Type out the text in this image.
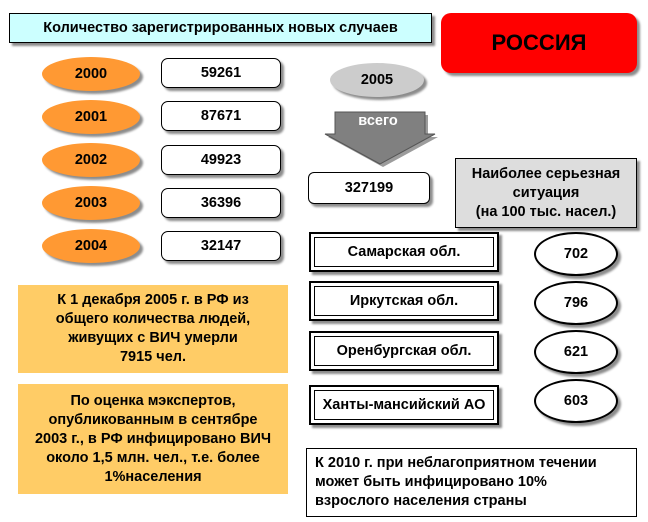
Количество зарегистрированных новых случаев
РОССИЯ
2000	59261
2001	87671
2002	49923
2003	36396
2004	32147
2005
всего
327199
Наиболее серьезная
ситуация
(на 100 тыс. насел.)
Самарская обл.	702
Иркутская обл.	796
Оренбургская обл.	621
Ханты-мансийский АО	603
К 1 декабря 2005 г. в РФ из
общего количества людей,
живущих с ВИЧ умерли
7915 чел.
По оценка мэкспертов,
опубликованным в сентябре
2003 г., в РФ инфицировано ВИЧ
около 1,5 млн. чел., т.е. более
1%населения
К 2010 г. при неблагоприятном течении
может быть инфицировано 10%
взрослого населения страны
